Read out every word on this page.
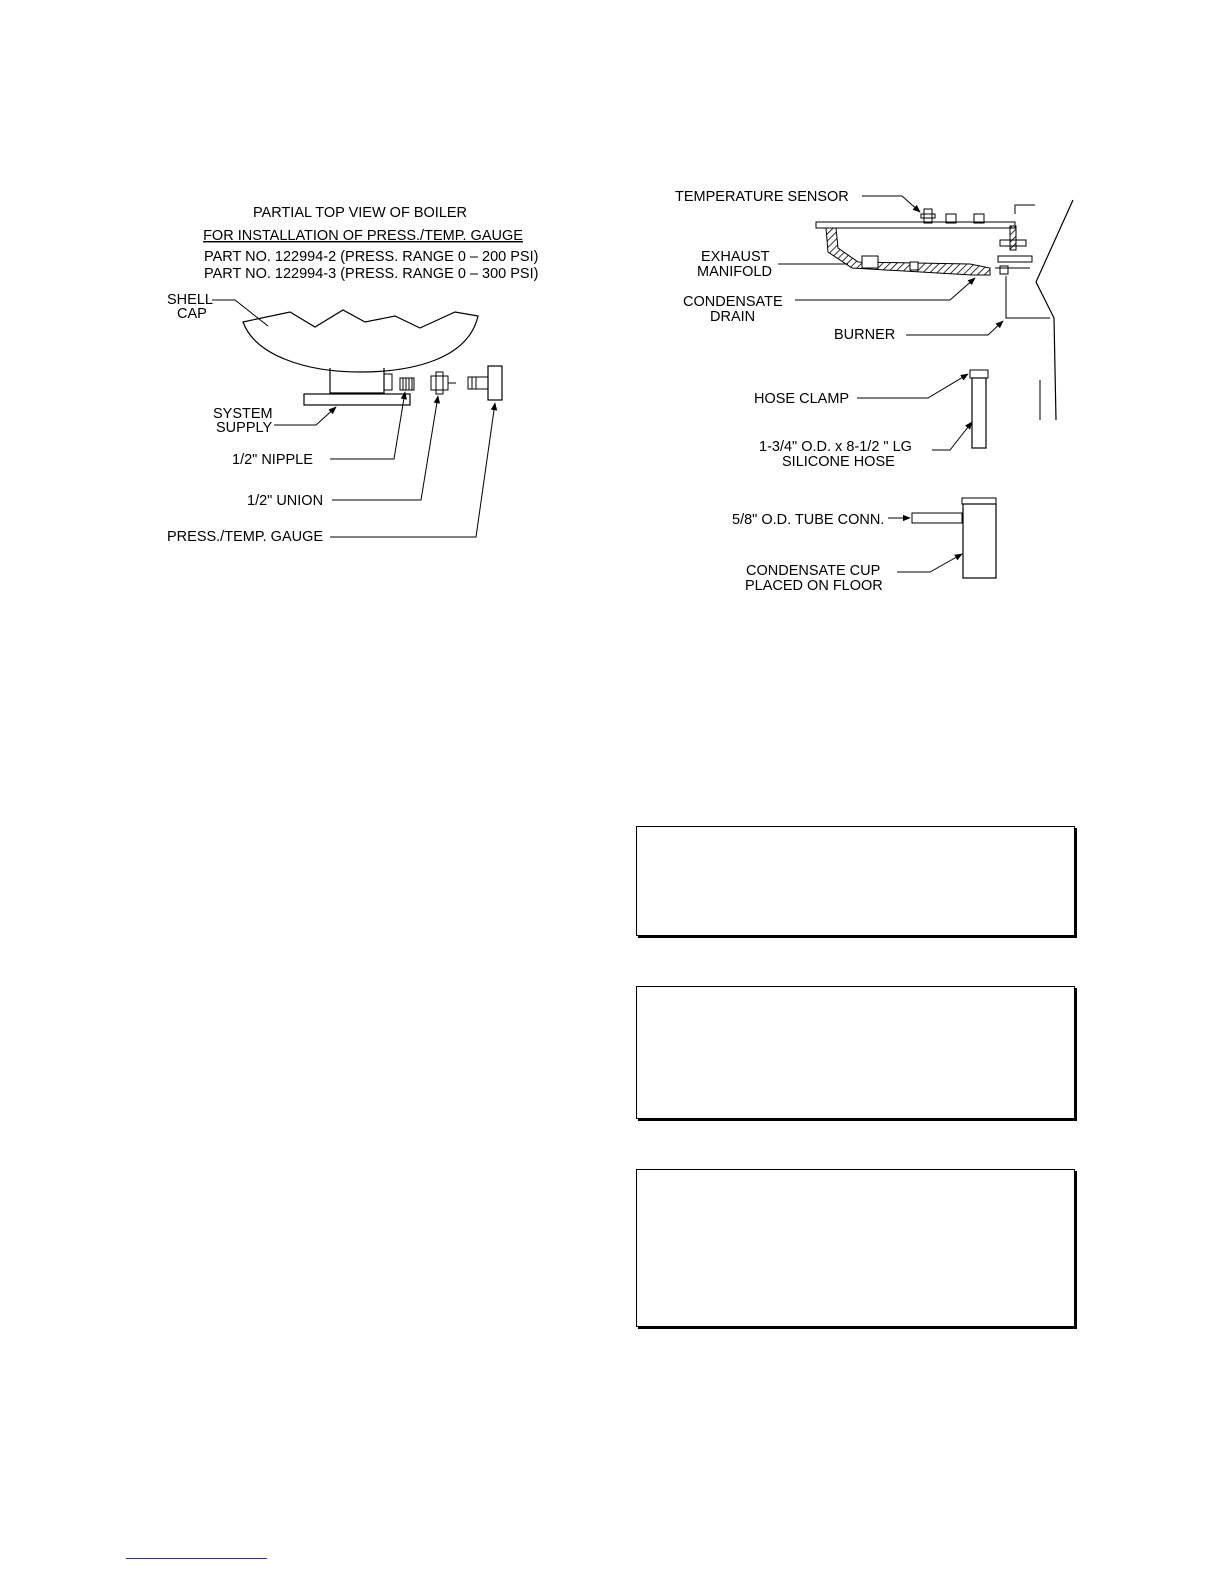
PARTIAL TOP VIEW OF BOILER
FOR INSTALLATION OF PRESS./TEMP. GAUGE
PART NO. 122994-2 (PRESS. RANGE 0 – 200 PSI)
PART NO. 122994-3 (PRESS. RANGE 0 – 300 PSI)
SHELL
CAP
SYSTEM
SUPPLY
1/2" NIPPLE
1/2" UNION
PRESS./TEMP. GAUGE
TEMPERATURE SENSOR
EXHAUST
MANIFOLD
CONDENSATE
DRAIN
BURNER
HOSE CLAMP
1-3/4" O.D. x 8-1/2 " LG
SILICONE HOSE
5/8" O.D. TUBE CONN.
CONDENSATE CUP
PLACED ON FLOOR
